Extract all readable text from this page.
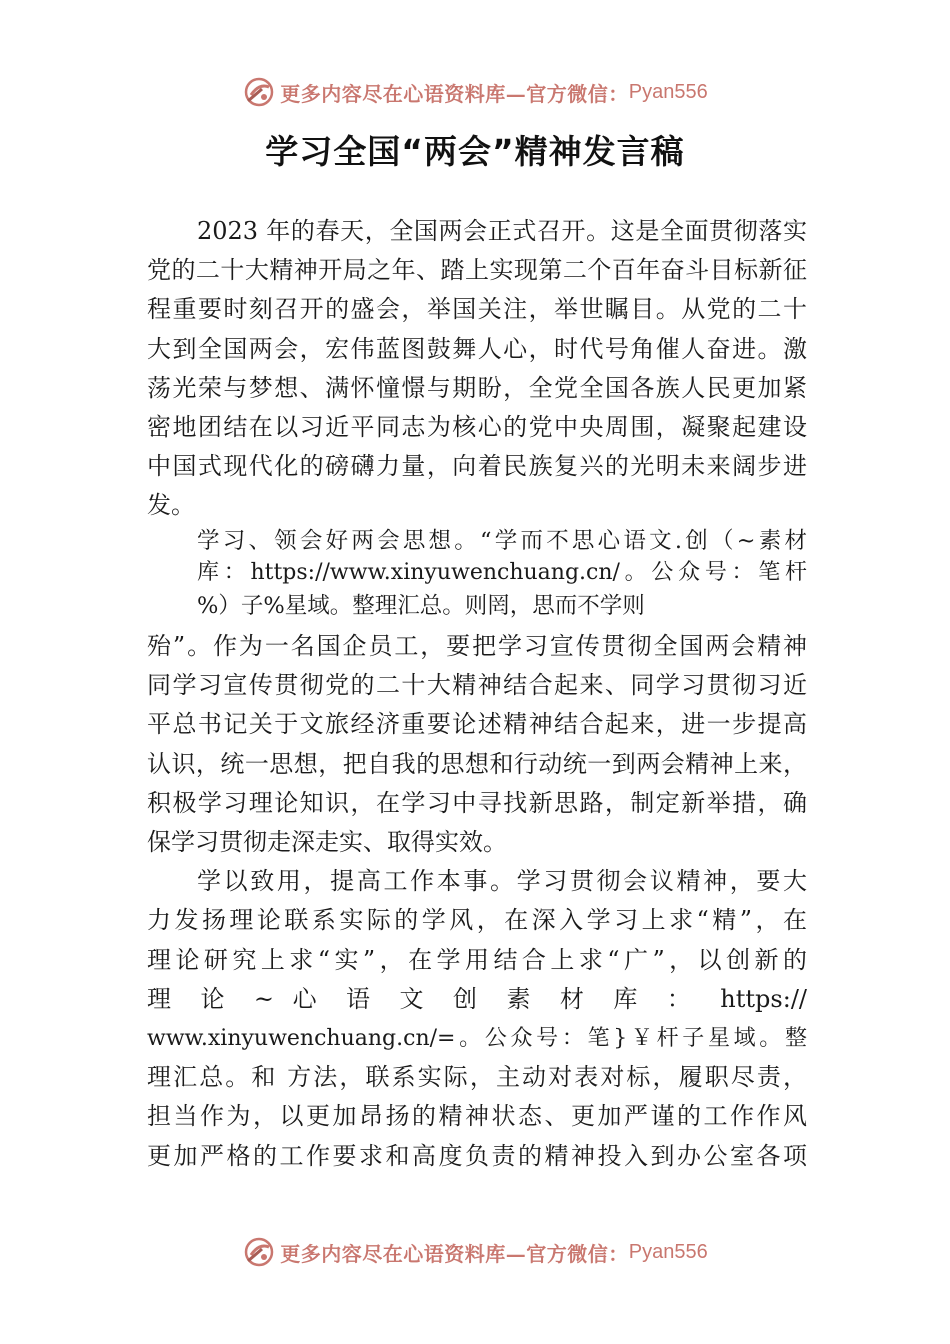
更多内容尽在心语资料库—官方微信： Pyan556
学习全国“两会”精神发言稿
2023 年的春天，全国两会正式召开。这是全面贯彻落实
党的二十大精神开局之年、踏上实现第二个百年奋斗目标新征
程重要时刻召开的盛会，举国关注，举世瞩目。从党的二十
大到全国两会，宏伟蓝图鼓舞人心，时代号角催人奋进。激
荡光荣与梦想、满怀憧憬与期盼，全党全国各族人民更加紧
密地团结在以习近平同志为核心的党中央周围，凝聚起建设
中国式现代化的磅礴力量，向着民族复兴的光明未来阔步进
发。
学习、领会好两会思想。“学而不思心语文.创（~素材
库：https://www.xinyuwenchuang.cn/。公众号：笔杆
%）子%星域。整理汇总。则罔，思而不学则
殆”。作为一名国企员工，要把学习宣传贯彻全国两会精神
同学习宣传贯彻党的二十大精神结合起来、同学习贯彻习近
平总书记关于文旅经济重要论述精神结合起来，进一步提高
认识，统一思想，把自我的思想和行动统一到两会精神上来，
积极学习理论知识，在学习中寻找新思路，制定新举措，确
保学习贯彻走深走实、取得实效。
学以致用，提高工作本事。学习贯彻会议精神，要大
力发扬理论联系实际的学风，在深入学习上求“精”，在
理论研究上求“实”，在学用结合上求“广”，以创新的
理 论 ~ 心 语 文 创 素 材 库 ： https://
www.xinyuwenchuang.cn/=。公众号：笔}￥杆子星域。整
理汇总。和 方法，联系实际，主动对表对标，履职尽责，
担当作为，以更加昂扬的精神状态、更加严谨的工作作风
更加严格的工作要求和高度负责的精神投入到办公室各项
更多内容尽在心语资料库—官方微信： Pyan556
